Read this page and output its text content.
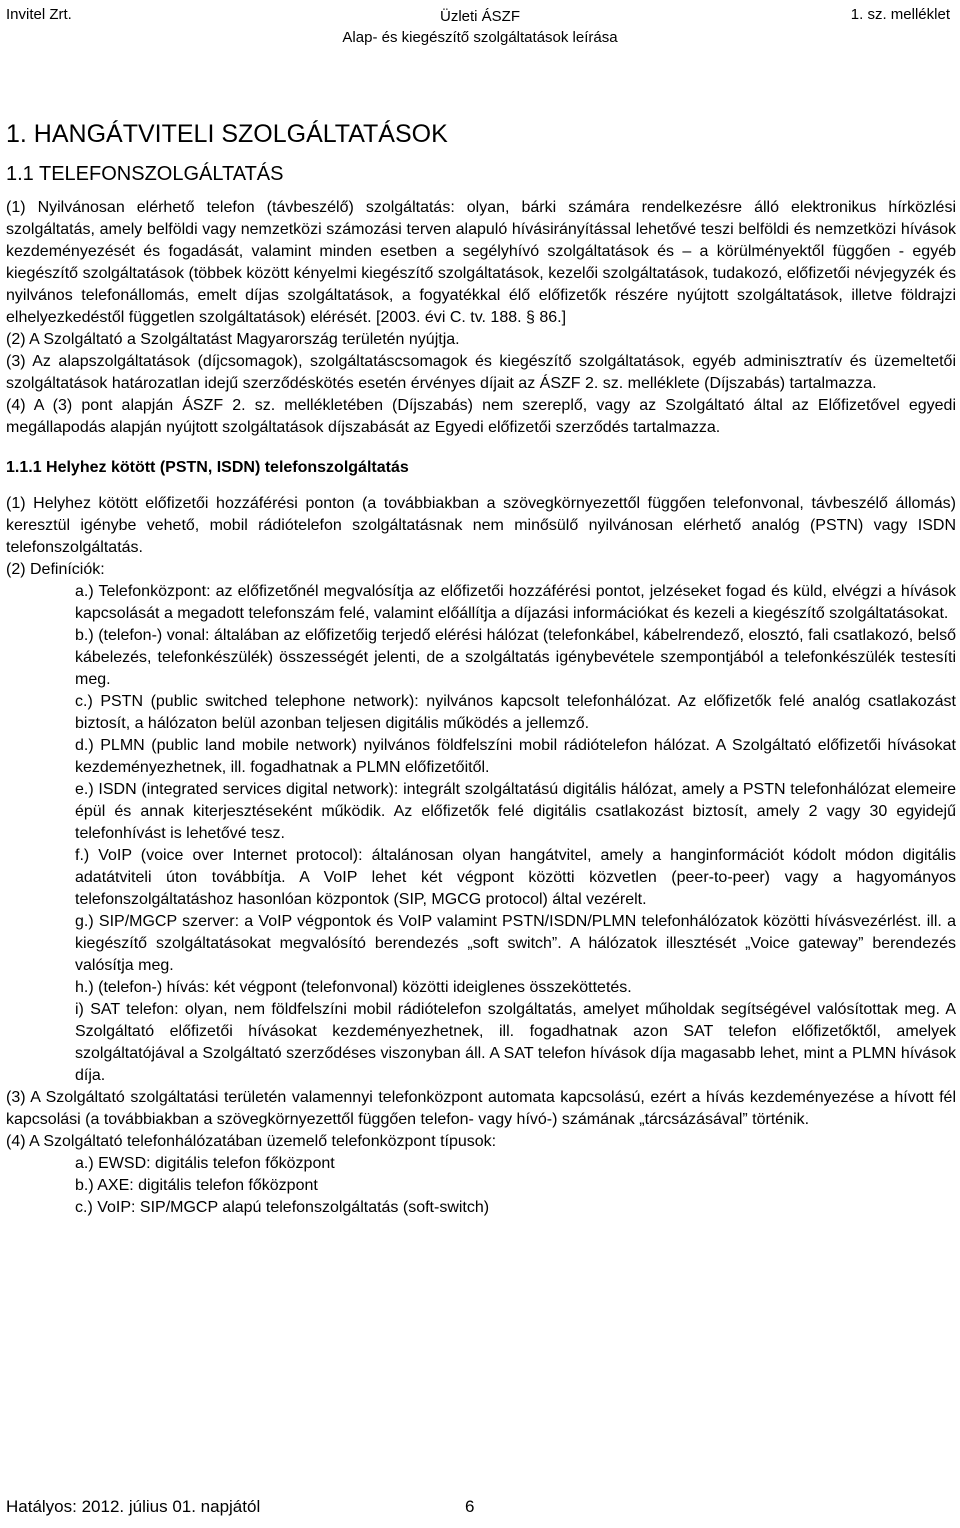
Invitel Zrt.	Üzleti ÁSZF
Alap- és kiegészítő szolgáltatások leírása
1. sz. melléklet
1. HANGÁTVITELI SZOLGÁLTATÁSOK
1.1 TELEFONSZOLGÁLTATÁS

(1) Nyilvánosan elérhető telefon (távbeszélő) szolgáltatás: olyan, bárki számára rendelkezésre álló elektronikus hírközlési szolgáltatás, amely belföldi vagy nemzetközi számozási terven alapuló hívásirányítással lehetővé teszi belföldi és nemzetközi hívások kezdeményezését és fogadását, valamint minden esetben a segélyhívó szolgáltatások és – a körülményektől függően - egyéb kiegészítő szolgáltatások (többek között kényelmi kiegészítő szolgáltatások, kezelői szolgáltatások, tudakozó, előfizetői névjegyzék és nyilvános telefonállomás, emelt díjas szolgáltatások, a fogyatékkal élő előfizetők részére nyújtott szolgáltatások, illetve földrajzi elhelyezkedéstől független szolgáltatások) elérését. [2003. évi C. tv. 188. § 86.]

(2) A Szolgáltató a Szolgáltatást Magyarország területén nyújtja.

(3) Az alapszolgáltatások (díjcsomagok), szolgáltatáscsomagok és kiegészítő szolgáltatások, egyéb adminisztratív és üzemeltetői szolgáltatások határozatlan idejű szerződéskötés esetén érvényes díjait az ÁSZF 2. sz. melléklete (Díjszabás) tartalmazza.

(4) A (3) pont alapján ÁSZF 2. sz. mellékletében (Díjszabás) nem szereplő, vagy az Szolgáltató által az Előfizetővel egyedi megállapodás alapján nyújtott szolgáltatások díjszabását az Egyedi előfizetői szerződés tartalmazza.

1.1.1 Helyhez kötött (PSTN, ISDN) telefonszolgáltatás

(1) Helyhez kötött előfizetői hozzáférési ponton (a továbbiakban a szövegkörnyezettől függően telefonvonal, távbeszélő állomás) keresztül igénybe vehető, mobil rádiótelefon szolgáltatásnak nem minősülő nyilvánosan elérhető analóg (PSTN) vagy ISDN telefonszolgáltatás.

(2) Definíciók:

a.) Telefonközpont: az előfizetőnél megvalósítja az előfizetői hozzáférési pontot, jelzéseket fogad és küld, elvégzi a hívások kapcsolását a megadott telefonszám felé, valamint előállítja a díjazási információkat és kezeli a kiegészítő szolgáltatásokat.

b.) (telefon-) vonal: általában az előfizetőig terjedő elérési hálózat (telefonkábel, kábelrendező, elosztó, fali csatlakozó, belső kábelezés, telefonkészülék) összességét jelenti, de a szolgáltatás igénybevétele szempontjából a telefonkészülék testesíti meg.

c.) PSTN (public switched telephone network): nyilvános kapcsolt telefonhálózat. Az előfizetők felé analóg csatlakozást biztosít, a hálózaton belül azonban teljesen digitális működés a jellemző.

d.) PLMN (public land mobile network) nyilvános földfelszíni mobil rádiótelefon hálózat. A Szolgáltató előfizetői hívásokat kezdeményezhetnek, ill. fogadhatnak a PLMN előfizetőitől.

e.) ISDN (integrated services digital network): integrált szolgáltatású digitális hálózat, amely a PSTN telefonhálózat elemeire épül és annak kiterjesztéseként működik. Az előfizetők felé digitális csatlakozást biztosít, amely 2 vagy 30 egyidejű telefonhívást is lehetővé tesz.

f.) VoIP (voice over Internet protocol): általánosan olyan hangátvitel, amely a hanginformációt kódolt módon digitális adatátviteli úton továbbítja. A VoIP lehet két végpont közötti közvetlen (peer-to-peer) vagy a hagyományos telefonszolgáltatáshoz hasonlóan központok (SIP, MGCG protocol) által vezérelt.

g.) SIP/MGCP szerver: a VoIP végpontok és VoIP valamint PSTN/ISDN/PLMN telefonhálózatok közötti hívásvezérlést. ill. a kiegészítő szolgáltatásokat megvalósító berendezés „soft switch”. A hálózatok illesztését „Voice gateway” berendezés valósítja meg.

h.) (telefon-) hívás: két végpont (telefonvonal) közötti ideiglenes összeköttetés.

i) SAT telefon: olyan, nem földfelszíni mobil rádiótelefon szolgáltatás, amelyet műholdak segítségével valósítottak meg. A Szolgáltató előfizetői hívásokat kezdeményezhetnek, ill. fogadhatnak azon SAT telefon előfizetőktől, amelyek szolgáltatójával a Szolgáltató szerződéses viszonyban áll. A SAT telefon hívások díja magasabb lehet, mint a PLMN hívások díja.

(3) A Szolgáltató szolgáltatási területén valamennyi telefonközpont automata kapcsolású, ezért a hívás kezdeményezése a hívott fél kapcsolási (a továbbiakban a szövegkörnyezettől függően telefon- vagy hívó-) számának „tárcsázásával” történik.

(4) A Szolgáltató telefonhálózatában üzemelő telefonközpont típusok:

a.) EWSD: digitális telefon főközpont

b.) AXE: digitális telefon főközpont

c.) VoIP: SIP/MGCP alapú telefonszolgáltatás (soft-switch)

Hatályos: 2012. július 01. napjától	6
